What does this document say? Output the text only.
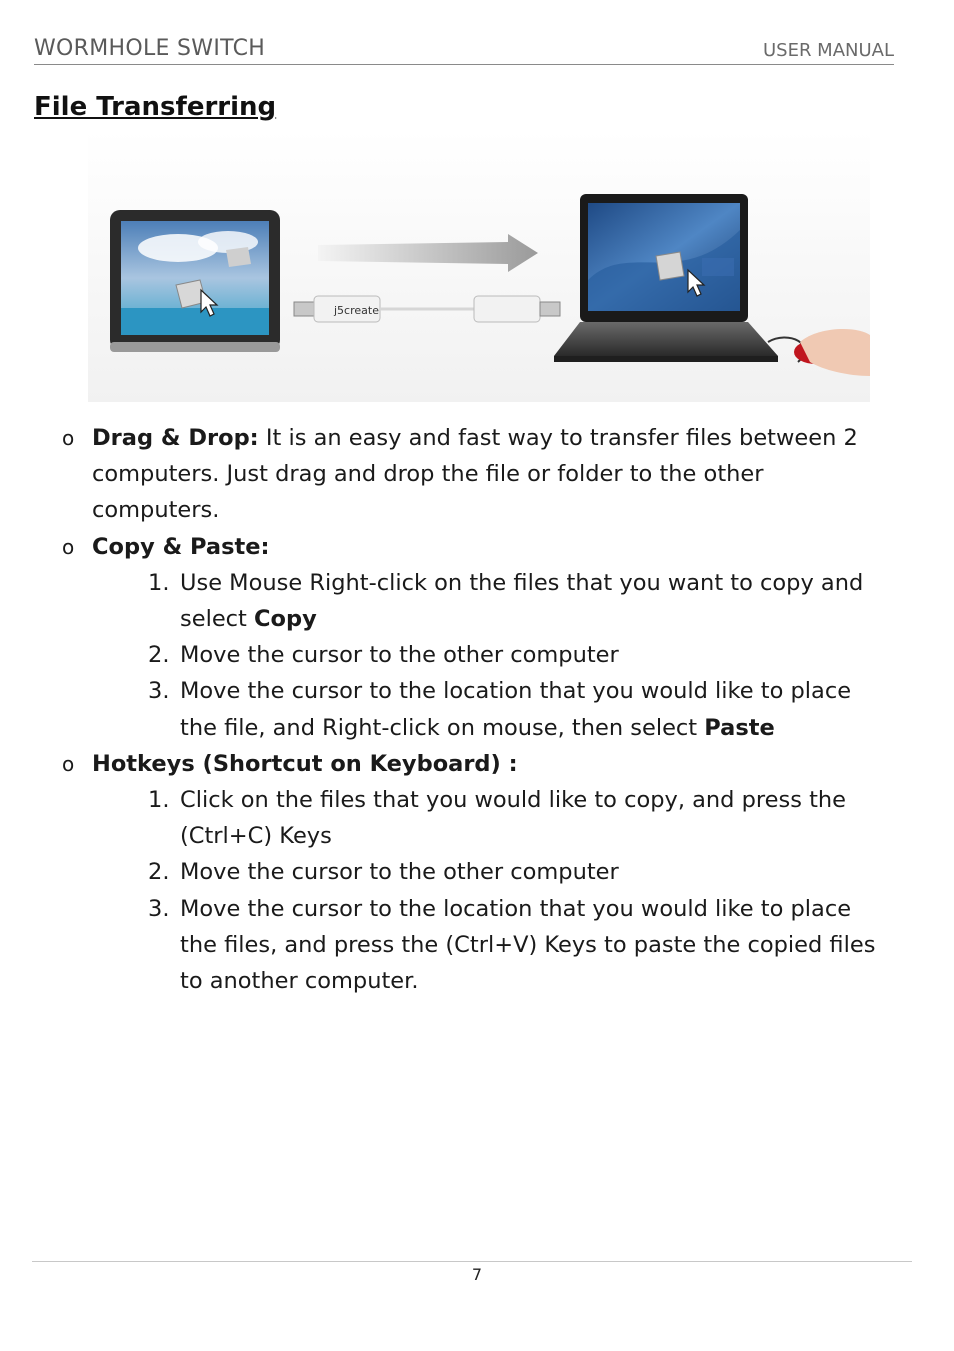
WORMHOLE SWITCH	USER MANUAL
File Transferring
j5create

o Drag & Drop: It is an easy and fast way to transfer files between 2 computers. Just drag and drop the file or folder to the other computers.

o Copy & Paste:

1. Use Mouse Right-click on the files that you want to copy and select Copy
2. Move the cursor to the other computer
3. Move the cursor to the location that you would like to place the file, and Right-click on mouse, then select Paste

o Hotkeys (Shortcut on Keyboard) :

1. Click on the files that you would like to copy, and press the (Ctrl+C) Keys
2. Move the cursor to the other computer
3. Move the cursor to the location that you would like to place the files, and press the (Ctrl+V) Keys to paste the copied files to another computer.
7
